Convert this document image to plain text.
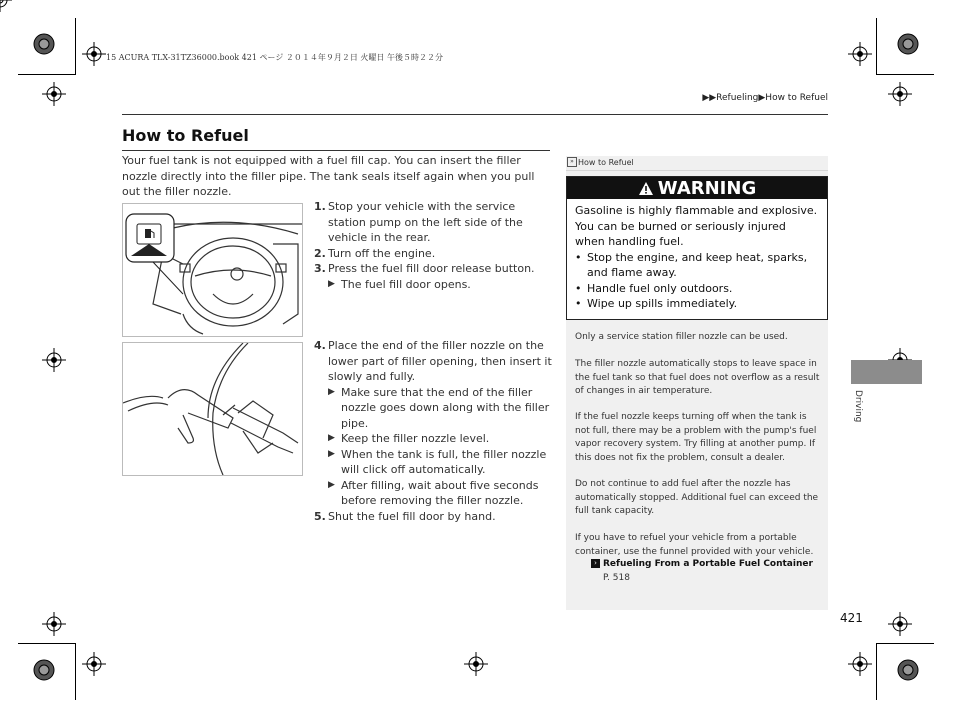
15 ACURA TLX-31TZ36000.book 421 ページ ２０１４年９月２日 火曜日 午後５時２２分
▶▶Refueling▶How to Refuel
How to Refuel
Your fuel tank is not equipped with a fuel fill cap. You can insert the filler nozzle directly into the filler pipe. The tank seals itself again when you pull out the filler nozzle.
1. Stop your vehicle with the service station pump on the left side of the vehicle in the rear.
2. Turn off the engine.
3. Press the fuel fill door release button.
▶ The fuel fill door opens.
4. Place the end of the filler nozzle on the lower part of filler opening, then insert it slowly and fully.
▶ Make sure that the end of the filler nozzle goes down along with the filler pipe.
▶ Keep the filler nozzle level.
▶ When the tank is full, the filler nozzle will click off automatically.
▶ After filling, wait about five seconds before removing the filler nozzle.
5. Shut the fuel fill door by hand.
» How to Refuel
WARNING
Gasoline is highly flammable and explosive. You can be burned or seriously injured when handling fuel.
• Stop the engine, and keep heat, sparks, and flame away.
• Handle fuel only outdoors.
• Wipe up spills immediately.
Only a service station filler nozzle can be used.
The filler nozzle automatically stops to leave space in the fuel tank so that fuel does not overflow as a result of changes in air temperature.
If the fuel nozzle keeps turning off when the tank is not full, there may be a problem with the pump's fuel vapor recovery system. Try filling at another pump. If this does not fix the problem, consult a dealer.
Do not continue to add fuel after the nozzle has automatically stopped. Additional fuel can exceed the full tank capacity.
If you have to refuel your vehicle from a portable container, use the funnel provided with your vehicle.
› Refueling From a Portable Fuel Container
P. 518
Driving
421
